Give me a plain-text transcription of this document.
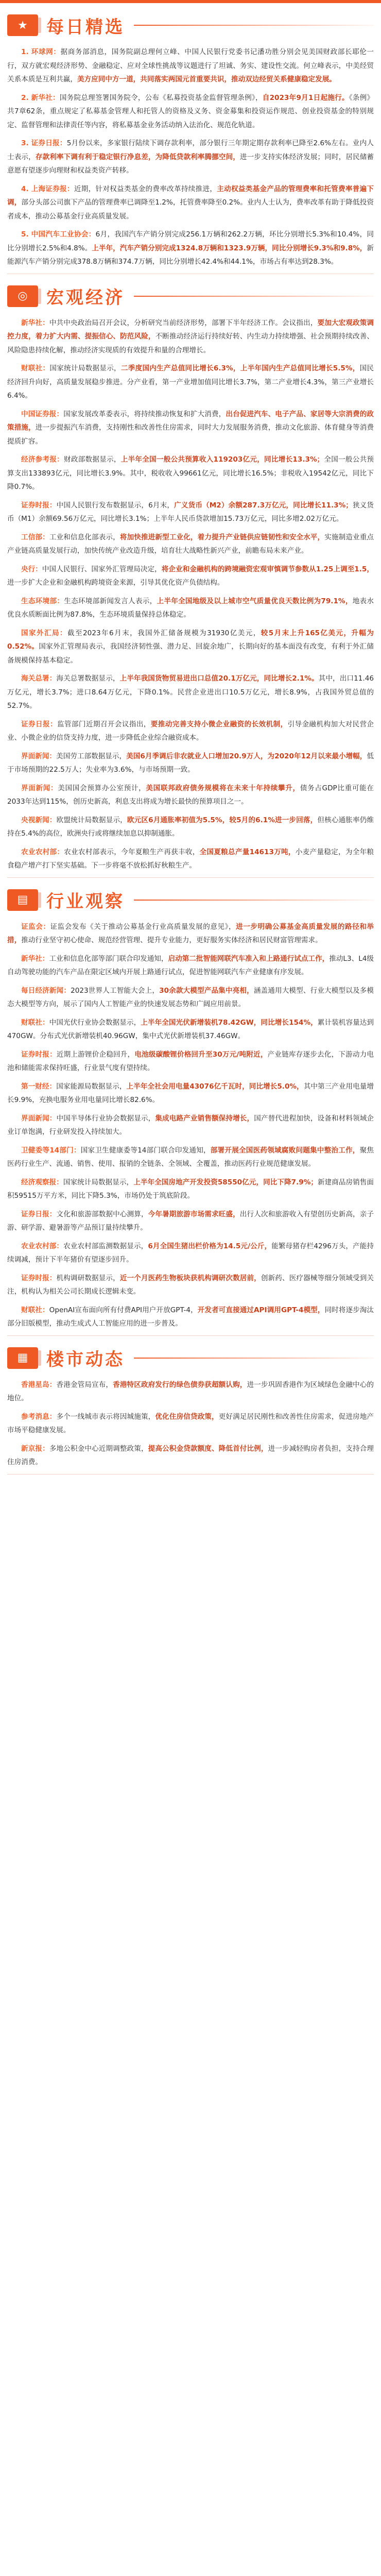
★	每日精选

1. 环球网：据商务部消息，国务院副总理何立峰、中国人民银行党委书记潘功胜分别会见美国财政部长耶伦一行，双方就宏观经济形势、金融稳定、应对全球性挑战等议题进行了坦诚、务实、建设性交流。何立峰表示，中美经贸关系本质是互利共赢，美方应同中方一道，共同落实两国元首重要共识，推动双边经贸关系健康稳定发展。

2. 新华社：国务院总理签署国务院令，公布《私募投资基金监督管理条例》，自2023年9月1日起施行。《条例》共7章62条，重点规定了私募基金管理人和托管人的资格及义务、资金募集和投资运作规范、创业投资基金的特别规定、监督管理和法律责任等内容，将私募基金业务活动纳入法治化、规范化轨道。

3. 证券日报：5月份以来，多家银行陆续下调存款利率，部分银行三年期定期存款利率已降至2.6%左右。业内人士表示，存款利率下调有利于稳定银行净息差，为降低贷款利率腾挪空间，进一步支持实体经济发展；同时，居民储蓄意愿有望逐步向理财和权益类资产转移。

4. 上海证券报：近期，针对权益类基金的费率改革持续推进，主动权益类基金产品的管理费率和托管费率普遍下调，部分头部公司旗下产品的管理费率已调降至1.2%，托管费率降至0.2%。业内人士认为，费率改革有助于降低投资者成本，推动公募基金行业高质量发展。

5. 中国汽车工业协会：6月，我国汽车产销分别完成256.1万辆和262.2万辆，环比分别增长5.3%和10.4%，同比分别增长2.5%和4.8%。上半年，汽车产销分别完成1324.8万辆和1323.9万辆，同比分别增长9.3%和9.8%，新能源汽车产销分别完成378.8万辆和374.7万辆，同比分别增长42.4%和44.1%，市场占有率达到28.3%。

◎	宏观经济

新华社：中共中央政治局召开会议，分析研究当前经济形势，部署下半年经济工作。会议指出，要加大宏观政策调控力度，着力扩大内需、提振信心、防范风险，不断推动经济运行持续好转、内生动力持续增强、社会预期持续改善、风险隐患持续化解，推动经济实现质的有效提升和量的合理增长。

财联社：国家统计局数据显示，二季度国内生产总值同比增长6.3%，上半年国内生产总值同比增长5.5%，国民经济回升向好，高质量发展稳步推进。分产业看，第一产业增加值同比增长3.7%，第二产业增长4.3%，第三产业增长6.4%。

中国证券报：国家发展改革委表示，将持续推动恢复和扩大消费，出台促进汽车、电子产品、家居等大宗消费的政策措施，进一步提振汽车消费，支持刚性和改善性住房需求，同时大力发展服务消费，推动文化旅游、体育健身等消费提质扩容。

经济参考报：财政部数据显示，上半年全国一般公共预算收入119203亿元，同比增长13.3%；全国一般公共预算支出133893亿元，同比增长3.9%。其中，税收收入99661亿元，同比增长16.5%；非税收入19542亿元，同比下降0.7%。

证券时报：中国人民银行发布数据显示，6月末，广义货币（M2）余额287.3万亿元，同比增长11.3%；狭义货币（M1）余额69.56万亿元，同比增长3.1%；上半年人民币贷款增加15.73万亿元，同比多增2.02万亿元。

工信部：工业和信息化部表示，将加快推进新型工业化，着力提升产业链供应链韧性和安全水平，实施制造业重点产业链高质量发展行动，加快传统产业改造升级，培育壮大战略性新兴产业，前瞻布局未来产业。

央行：中国人民银行、国家外汇管理局决定，将企业和金融机构的跨境融资宏观审慎调节参数从1.25上调至1.5，进一步扩大企业和金融机构跨境资金来源，引导其优化资产负债结构。

生态环境部：生态环境部新闻发言人表示，上半年全国地级及以上城市空气质量优良天数比例为79.1%，地表水优良水质断面比例为87.8%，生态环境质量保持总体稳定。

国家外汇局：截至2023年6月末，我国外汇储备规模为31930亿美元，较5月末上升165亿美元，升幅为0.52%。国家外汇管理局表示，我国经济韧性强、潜力足、回旋余地广，长期向好的基本面没有改变，有利于外汇储备规模保持基本稳定。

海关总署：海关总署数据显示，上半年我国货物贸易进出口总值20.1万亿元，同比增长2.1%。其中，出口11.46万亿元，增长3.7%；进口8.64万亿元，下降0.1%。民营企业进出口10.5万亿元，增长8.9%，占我国外贸总值的52.7%。

证券日报：监管部门近期召开会议指出，要推动完善支持小微企业融资的长效机制，引导金融机构加大对民营企业、小微企业的信贷支持力度，进一步降低企业综合融资成本。

界面新闻：美国劳工部数据显示，美国6月季调后非农就业人口增加20.9万人，为2020年12月以来最小增幅，低于市场预期的22.5万人；失业率为3.6%，与市场预期一致。

界面新闻：美国国会预算办公室预计，美国联邦政府债务规模将在未来十年持续攀升，债务占GDP比重可能在2033年达到115%，创历史新高，利息支出将成为增长最快的预算项目之一。

央视新闻：欧盟统计局数据显示，欧元区6月通胀率初值为5.5%，较5月的6.1%进一步回落，但核心通胀率仍维持在5.4%的高位，欧洲央行或将继续加息以抑制通胀。

农业农村部：农业农村部表示，今年夏粮生产再获丰收，全国夏粮总产量14613万吨，小麦产量稳定，为全年粮食稳产增产打下坚实基础。下一步将毫不放松抓好秋粮生产。

▤	行业观察

证监会：证监会发布《关于推动公募基金行业高质量发展的意见》，进一步明确公募基金高质量发展的路径和举措，推动行业坚守初心使命、规范经营管理、提升专业能力，更好服务实体经济和居民财富管理需求。

新华社：工业和信息化部等部门联合印发通知，启动第二批智能网联汽车准入和上路通行试点工作，推动L3、L4级自动驾驶功能的汽车产品在限定区域内开展上路通行试点，促进智能网联汽车产业健康有序发展。

每日经济新闻：2023世界人工智能大会上，30余款大模型产品集中亮相，涵盖通用大模型、行业大模型以及多模态大模型等方向，展示了国内人工智能产业的快速发展态势和广阔应用前景。

财联社：中国光伏行业协会数据显示，上半年全国光伏新增装机78.42GW，同比增长154%，累计装机容量达到470GW。分布式光伏新增装机40.96GW，集中式光伏新增装机37.46GW。

证券时报：近期上游锂价企稳回升，电池级碳酸锂价格回升至30万元/吨附近，产业链库存逐步去化，下游动力电池和储能需求保持旺盛，行业景气度有望持续。

第一财经：国家能源局数据显示，上半年全社会用电量43076亿千瓦时，同比增长5.0%，其中第三产业用电量增长9.9%，充换电服务业用电量同比增长82.6%。

界面新闻：中国半导体行业协会数据显示，集成电路产业销售额保持增长，国产替代进程加快，设备和材料领域企业订单饱满，行业研发投入持续加大。

卫健委等14部门：国家卫生健康委等14部门联合印发通知，部署开展全国医药领域腐败问题集中整治工作，聚焦医药行业生产、流通、销售、使用、报销的全链条、全领域、全覆盖，推动医药行业规范健康发展。

经济观察报：国家统计局数据显示，上半年全国房地产开发投资58550亿元，同比下降7.9%；新建商品房销售面积59515万平方米，同比下降5.3%，市场仍处于筑底阶段。

证券日报：文化和旅游部数据中心测算，今年暑期旅游市场需求旺盛，出行人次和旅游收入有望创历史新高，亲子游、研学游、避暑游等产品预订量持续攀升。

农业农村部：农业农村部监测数据显示，6月全国生猪出栏价格为14.5元/公斤，能繁母猪存栏4296万头，产能持续调减，预计下半年猪价有望逐步回升。

证券时报：机构调研数据显示，近一个月医药生物板块获机构调研次数居前，创新药、医疗器械等细分领域受到关注，机构认为相关公司长期成长逻辑未变。

财联社：OpenAI宣布面向所有付费API用户开放GPT-4，开发者可直接通过API调用GPT-4模型，同时将逐步淘汰部分旧版模型，推动生成式人工智能应用的进一步普及。

▦	楼市动态

香港星岛：香港金管局宣布，香港特区政府发行的绿色债券获超额认购，进一步巩固香港作为区域绿色金融中心的地位。

参考消息：多个一线城市表示将因城施策，优化住房信贷政策，更好满足居民刚性和改善性住房需求，促进房地产市场平稳健康发展。

新京报：多地公积金中心近期调整政策，提高公积金贷款额度、降低首付比例，进一步减轻购房者负担，支持合理住房消费。
